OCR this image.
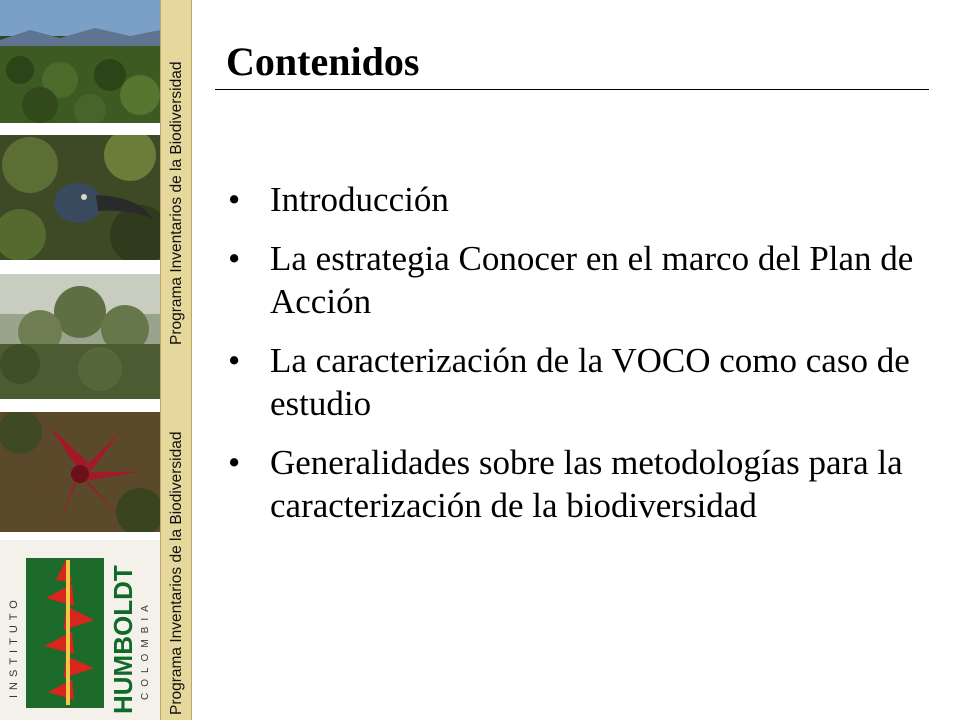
Programa Inventarios de la Biodiversidad
Programa Inventarios de la Biodiversidad
INSTITUTO	HUMBOLDT COLOMBIA
Contenidos
• Introducción
• La estrategia Conocer en el marco del Plan de Acción
• La caracterización de la VOCO como caso de estudio
• Generalidades sobre las metodologías para la caracterización de la biodiversidad
